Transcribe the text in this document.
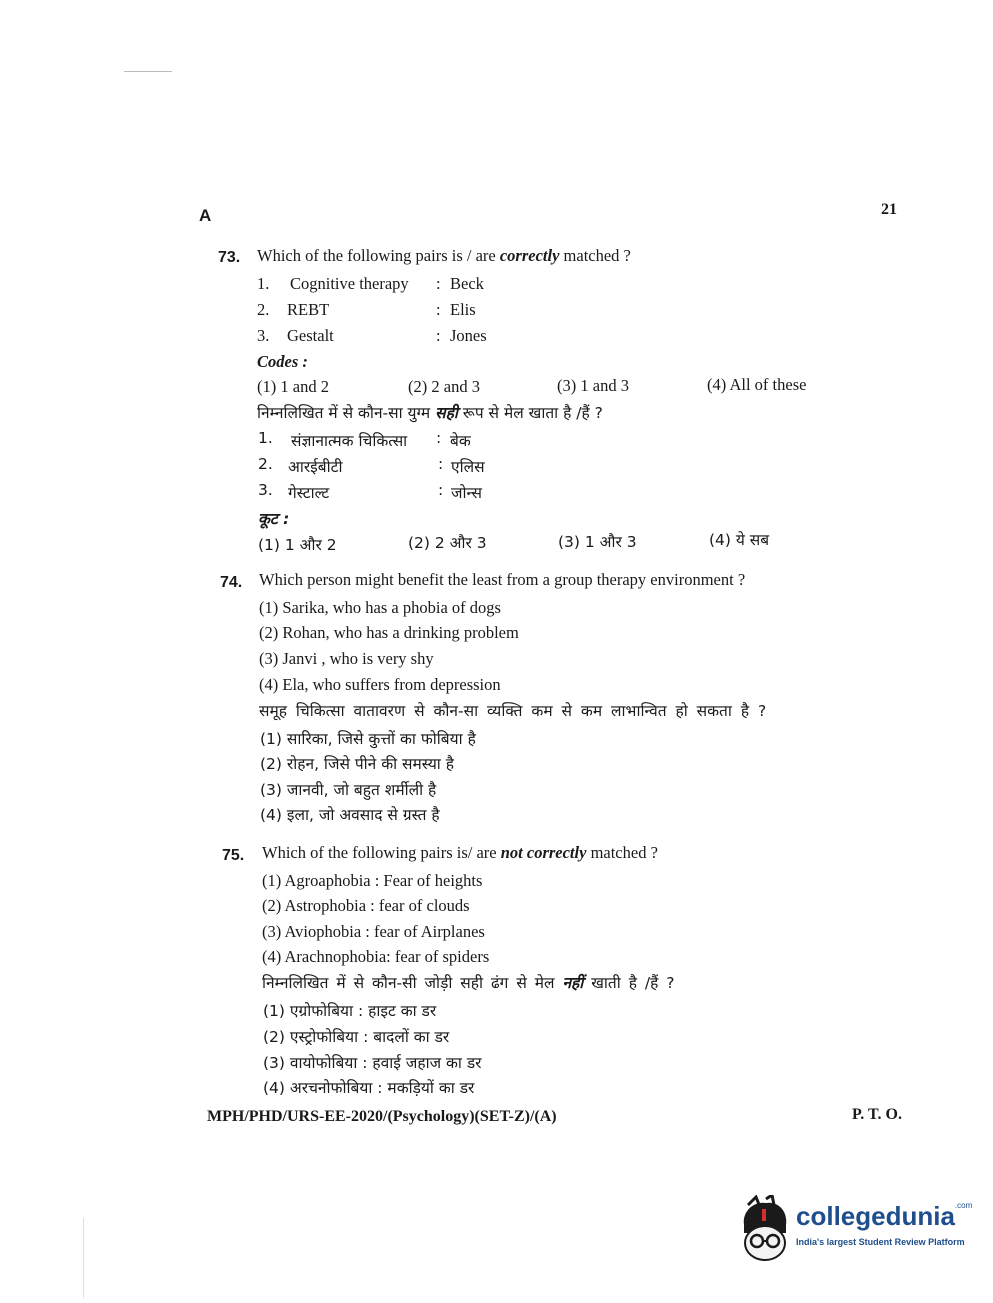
A	21
73. Which of the following pairs is / are correctly matched ?
1. Cognitive therapy : Beck
2. REBT	: Elis
3. Gestalt	: Jones
Codes :
(1) 1 and 2	(2) 2 and 3	(3) 1 and 3	(4) All of these
निम्नलिखित में से कौन-सा युग्म सही रूप से मेल खाता है /हैं ?
1. संज्ञानात्मक चिकित्सा : बेक
2. आरईबीटी	: एलिस
3. गेस्टाल्ट	: जोन्स
कूट :
(1) 1 और 2	(2) 2 और 3	(3) 1 और 3	(4) ये सब
74. Which person might benefit the least from a group therapy environment ?
(1) Sarika, who has a phobia of dogs
(2) Rohan, who has a drinking problem
(3) Janvi , who is very shy
(4) Ela, who suffers from depression
समूह चिकित्सा वातावरण से कौन-सा व्यक्ति कम से कम लाभान्वित हो सकता है ?
(1) सारिका, जिसे कुत्तों का फोबिया है
(2) रोहन, जिसे पीने की समस्या है
(3) जानवी, जो बहुत शर्मीली है
(4) इला, जो अवसाद से ग्रस्त है
75. Which of the following pairs is/ are not correctly matched ?
(1) Agroaphobia : Fear of heights
(2) Astrophobia : fear of clouds
(3) Aviophobia : fear of Airplanes
(4) Arachnophobia: fear of spiders
निम्नलिखित में से कौन-सी जोड़ी सही ढंग से मेल नहीं खाती है /हैं ?
(1) एग्रोफोबिया : हाइट का डर
(2) एस्ट्रोफोबिया : बादलों का डर
(3) वायोफोबिया : हवाई जहाज का डर
(4) अरचनोफोबिया : मकड़ियों का डर
MPH/PHD/URS-EE-2020/(Psychology)(SET-Z)/(A)	P. T. O.
collegedunia$^{.com}$
India's largest Student Review Platform
